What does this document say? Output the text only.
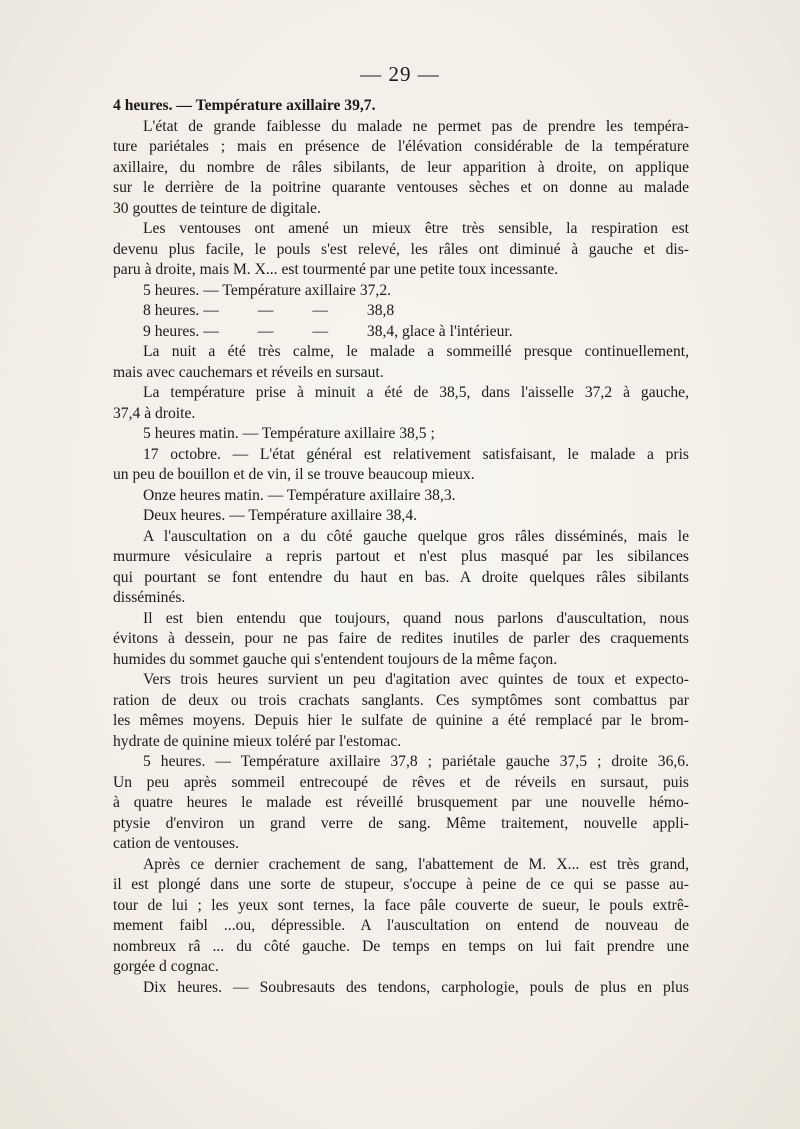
— 29 —
4 heures. — Température axillaire 39,7.
L'état de grande faiblesse du malade ne permet pas de prendre les tempéra-
ture pariétales ; mais en présence de l'élévation considérable de la température
axillaire, du nombre de râles sibilants, de leur apparition à droite, on applique
sur le derrière de la poitrine quarante ventouses sèches et on donne au malade
30 gouttes de teinture de digitale.
Les ventouses ont amené un mieux être très sensible, la respiration est
devenu plus facile, le pouls s'est relevé, les râles ont diminué à gauche et dis-
paru à droite, mais M. X... est tourmenté par une petite toux incessante.
5 heures. — Température axillaire 37,2.
8 heures. —          —          —          38,8
9 heures. —          —          —          38,4, glace à l'intérieur.
La nuit a été très calme, le malade a sommeillé presque continuellement,
mais avec cauchemars et réveils en sursaut.
La température prise à minuit a été de 38,5, dans l'aisselle 37,2 à gauche,
37,4 à droite.
5 heures matin. — Température axillaire 38,5 ;
17 octobre. — L'état général est relativement satisfaisant, le malade a pris
un peu de bouillon et de vin, il se trouve beaucoup mieux.
Onze heures matin. — Température axillaire 38,3.
Deux heures. — Température axillaire 38,4.
A l'auscultation on a du côté gauche quelque gros râles disséminés, mais le
murmure vésiculaire a repris partout et n'est plus masqué par les sibilances
qui pourtant se font entendre du haut en bas. A droite quelques râles sibilants
disséminés.
Il est bien entendu que toujours, quand nous parlons d'auscultation, nous
évitons à dessein, pour ne pas faire de redites inutiles de parler des craquements
humides du sommet gauche qui s'entendent toujours de la même façon.
Vers trois heures survient un peu d'agitation avec quintes de toux et expecto-
ration de deux ou trois crachats sanglants. Ces symptômes sont combattus par
les mêmes moyens. Depuis hier le sulfate de quinine a été remplacé par le brom-
hydrate de quinine mieux toléré par l'estomac.
5 heures. — Température axillaire 37,8 ; pariétale gauche 37,5 ; droite 36,6.
Un peu après sommeil entrecoupé de rêves et de réveils en sursaut, puis
à quatre heures le malade est réveillé brusquement par une nouvelle hémo-
ptysie d'environ un grand verre de sang. Même traitement, nouvelle appli-
cation de ventouses.
Après ce dernier crachement de sang, l'abattement de M. X... est très grand,
il est plongé dans une sorte de stupeur, s'occupe à peine de ce qui se passe au-
tour de lui ; les yeux sont ternes, la face pâle couverte de sueur, le pouls extrê-
mement faibl ...ou, dépressible. A l'auscultation on entend de nouveau de
nombreux râ ... du côté gauche. De temps en temps on lui fait prendre une
gorgée d cognac.
Dix heures. — Soubresauts des tendons, carphologie, pouls de plus en plus
